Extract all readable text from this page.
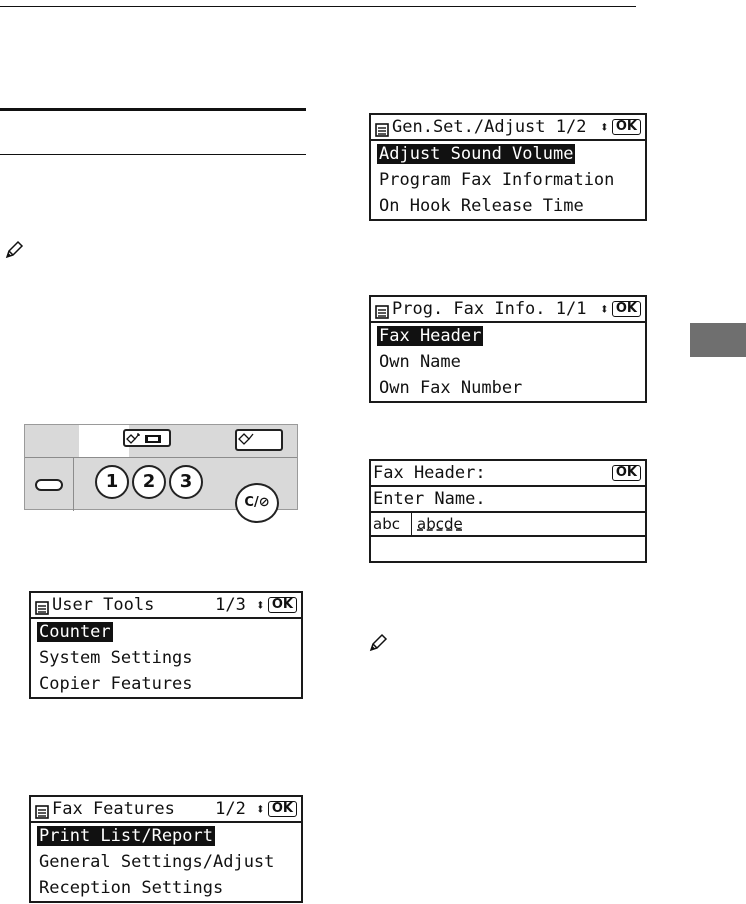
1	2	3
C/⊘
User Tools	1/3 ⬍ OK
Counter
System Settings
Copier Features
Fax Features	1/2 ⬍ OK
Print List/Report
General Settings/Adjust
Reception Settings
Gen.Set./Adjust 1/2 ⬍ OK
Adjust Sound Volume
Program Fax Information
On Hook Release Time
Prog. Fax Info. 1/1 ⬍ OK
Fax Header
Own Name
Own Fax Number
Fax Header:	OK
Enter Name.
abc	abcde
